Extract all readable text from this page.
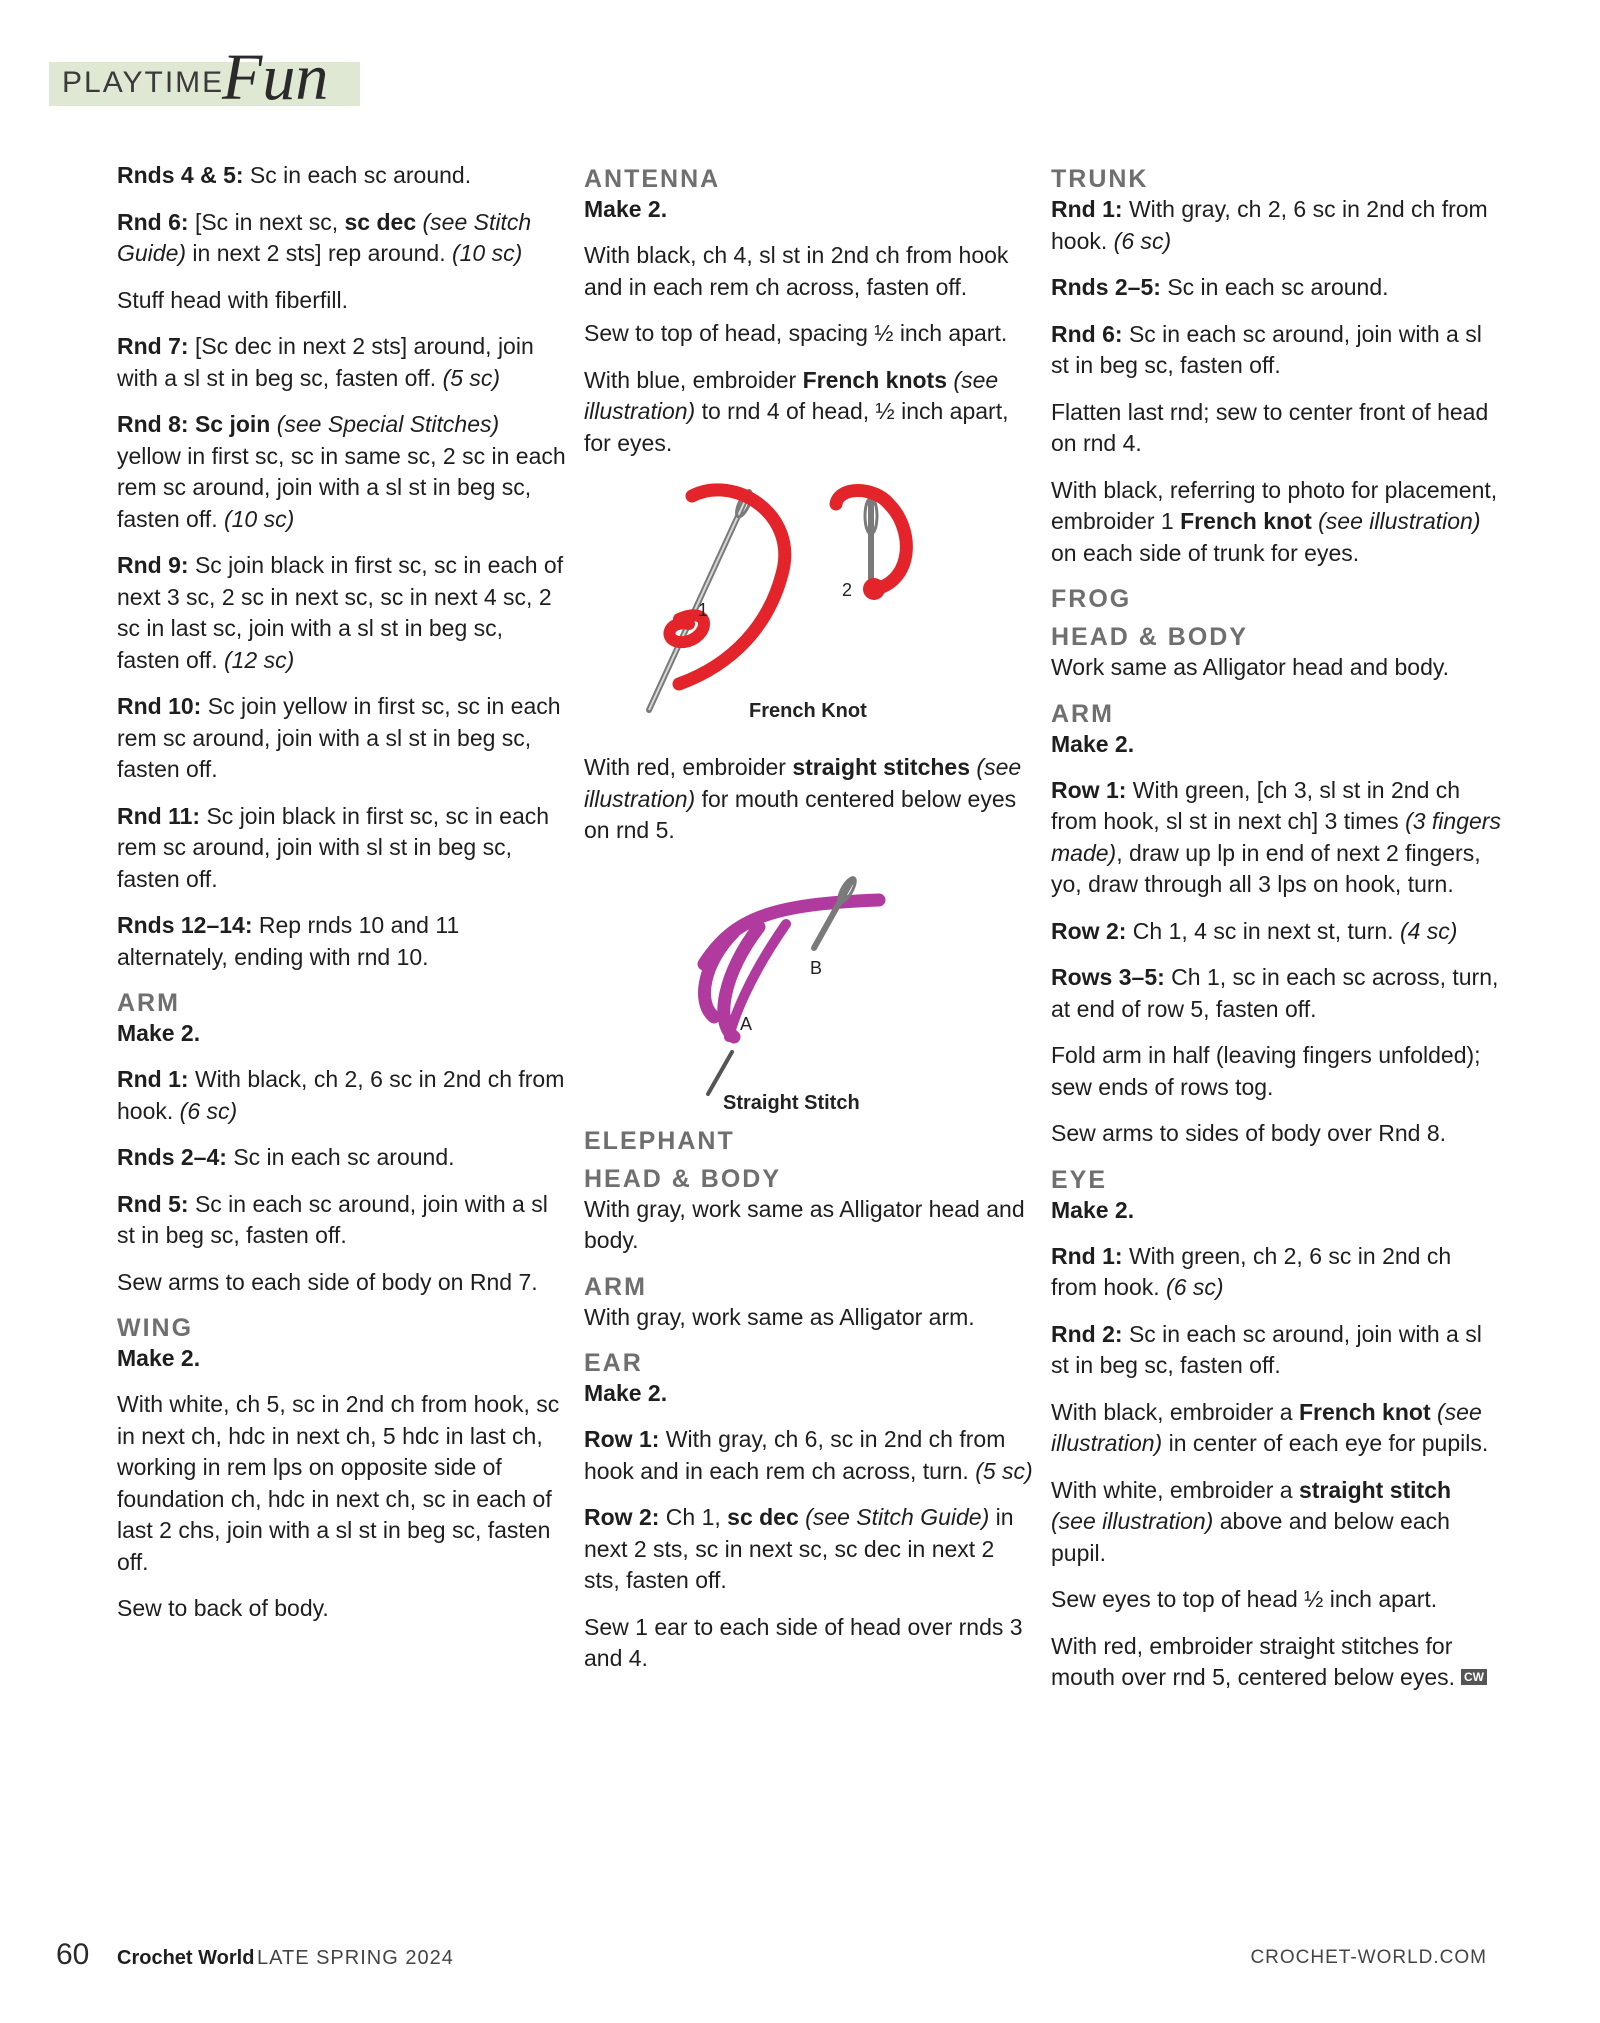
PLAYTIME
Fun

Rnds 4 & 5: Sc in each sc around.

Rnd 6: [Sc in next sc, sc dec (see Stitch Guide) in next 2 sts] rep around. (10 sc)

Stuff head with fiberfill.

Rnd 7: [Sc dec in next 2 sts] around, join with a sl st in beg sc, fasten off. (5 sc)

Rnd 8: Sc join (see Special Stitches) yellow in first sc, sc in same sc, 2 sc in each rem sc around, join with a sl st in beg sc, fasten off. (10 sc)

Rnd 9: Sc join black in first sc, sc in each of next 3 sc, 2 sc in next sc, sc in next 4 sc, 2 sc in last sc, join with a sl st in beg sc, fasten off. (12 sc)

Rnd 10: Sc join yellow in first sc, sc in each rem sc around, join with a sl st in beg sc, fasten off.

Rnd 11: Sc join black in first sc, sc in each rem sc around, join with sl st in beg sc, fasten off.

Rnds 12–14: Rep rnds 10 and 11 alternately, ending with rnd 10.

ARM
Make 2.

Rnd 1: With black, ch 2, 6 sc in 2nd ch from hook. (6 sc)

Rnds 2–4: Sc in each sc around.

Rnd 5: Sc in each sc around, join with a sl st in beg sc, fasten off.

Sew arms to each side of body on Rnd 7.

WING
Make 2.

With white, ch 5, sc in 2nd ch from hook, sc in next ch, hdc in next ch, 5 hdc in last ch, working in rem lps on opposite side of foundation ch, hdc in next ch, sc in each of last 2 chs, join with a sl st in beg sc, fasten off.

Sew to back of body.

ANTENNA
Make 2.

With black, ch 4, sl st in 2nd ch from hook and in each rem ch across, fasten off.

Sew to top of head, spacing ½ inch apart.

With blue, embroider French knots (see illustration) to rnd 4 of head, ½ inch apart, for eyes.

1
2
French Knot

With red, embroider straight stitches (see illustration) for mouth centered below eyes on rnd 5.

B
A
Straight Stitch
ELEPHANT
HEAD & BODY

With gray, work same as Alligator head and body.

ARM

With gray, work same as Alligator arm.

EAR
Make 2.

Row 1: With gray, ch 6, sc in 2nd ch from hook and in each rem ch across, turn. (5 sc)

Row 2: Ch 1, sc dec (see Stitch Guide) in next 2 sts, sc in next sc, sc dec in next 2 sts, fasten off.

Sew 1 ear to each side of head over rnds 3 and 4.

TRUNK

Rnd 1: With gray, ch 2, 6 sc in 2nd ch from hook. (6 sc)

Rnds 2–5: Sc in each sc around.

Rnd 6: Sc in each sc around, join with a sl st in beg sc, fasten off.

Flatten last rnd; sew to center front of head on rnd 4.

With black, referring to photo for placement, embroider 1 French knot (see illustration) on each side of trunk for eyes.

FROG
HEAD & BODY

Work same as Alligator head and body.

ARM
Make 2.

Row 1: With green, [ch 3, sl st in 2nd ch from hook, sl st in next ch] 3 times (3 fingers made), draw up lp in end of next 2 fingers, yo, draw through all 3 lps on hook, turn.

Row 2: Ch 1, 4 sc in next st, turn. (4 sc)

Rows 3–5: Ch 1, sc in each sc across, turn, at end of row 5, fasten off.

Fold arm in half (leaving fingers unfolded); sew ends of rows tog.

Sew arms to sides of body over Rnd 8.

EYE
Make 2.

Rnd 1: With green, ch 2, 6 sc in 2nd ch from hook. (6 sc)

Rnd 2: Sc in each sc around, join with a sl st in beg sc, fasten off.

With black, embroider a French knot (see illustration) in center of each eye for pupils.

With white, embroider a straight stitch (see illustration) above and below each pupil.

Sew eyes to top of head ½ inch apart.

With red, embroider straight stitches for mouth over rnd 5, centered below eyes. CW

60 Crochet World LATE SPRING 2024	CROCHET-WORLD.COM
